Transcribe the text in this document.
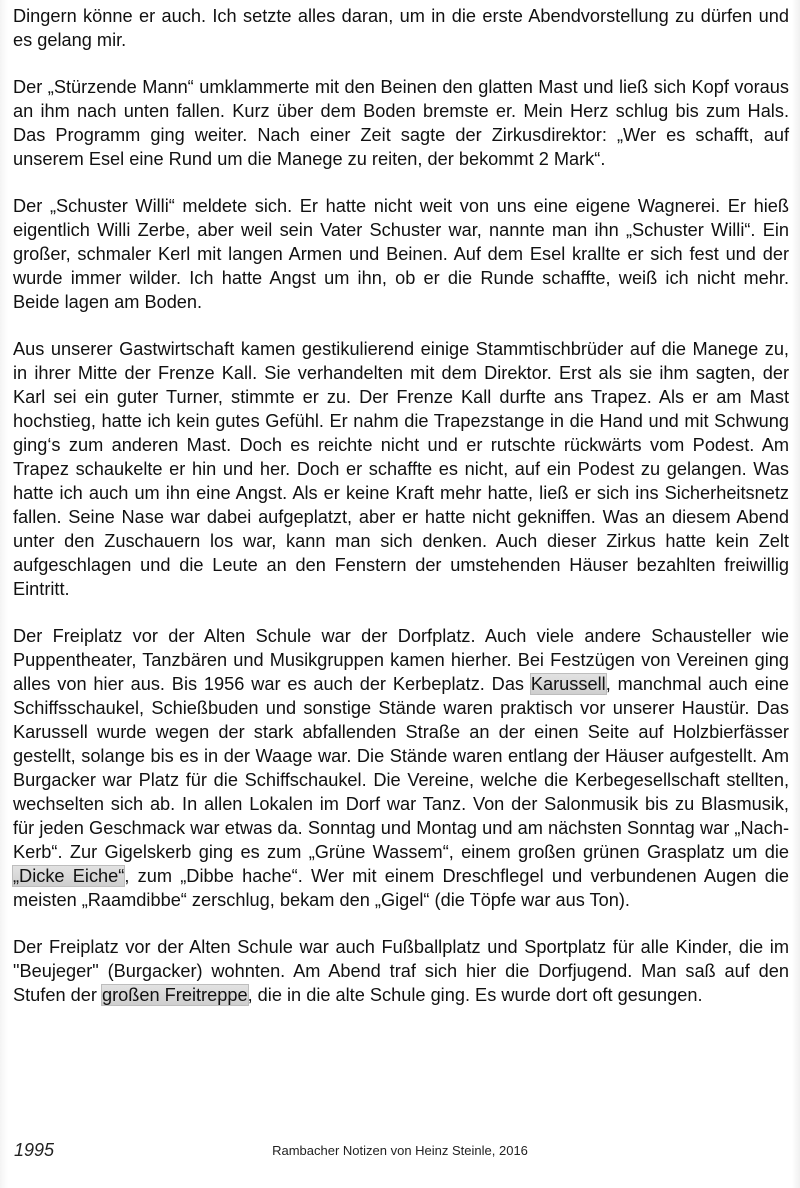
Dingern könne er auch. Ich setzte alles daran, um in die erste Abendvorstellung zu dürfen und es gelang mir.

Der „Stürzende Mann“ umklammerte mit den Beinen den glatten Mast und ließ sich Kopf voraus an ihm nach unten fallen. Kurz über dem Boden bremste er. Mein Herz schlug bis zum Hals. Das Programm ging weiter. Nach einer Zeit sagte der Zirkusdirektor: „Wer es schafft, auf unserem Esel eine Rund um die Manege zu reiten, der bekommt 2 Mark“.

Der „Schuster Willi“ meldete sich. Er hatte nicht weit von uns eine eigene Wagnerei. Er hieß eigentlich Willi Zerbe, aber weil sein Vater Schuster war, nannte man ihn „Schuster Willi“. Ein großer, schmaler Kerl mit langen Armen und Beinen. Auf dem Esel krallte er sich fest und der wurde immer wilder. Ich hatte Angst um ihn, ob er die Runde schaffte, weiß ich nicht mehr. Beide lagen am Boden.

Aus unserer Gastwirtschaft kamen gestikulierend einige Stammtischbrüder auf die Manege zu, in ihrer Mitte der Frenze Kall. Sie verhandelten mit dem Direktor. Erst als sie ihm sagten, der Karl sei ein guter Turner, stimmte er zu. Der Frenze Kall durfte ans Trapez. Als er am Mast hochstieg, hatte ich kein gutes Gefühl. Er nahm die Trapezstange in die Hand und mit Schwung ging‘s zum anderen Mast. Doch es reichte nicht und er rutschte rückwärts vom Podest. Am Trapez schaukelte er hin und her. Doch er schaffte es nicht, auf ein Podest zu gelangen. Was hatte ich auch um ihn eine Angst. Als er keine Kraft mehr hatte, ließ er sich ins Sicherheitsnetz fallen. Seine Nase war dabei aufgeplatzt, aber er hatte nicht gekniffen. Was an diesem Abend unter den Zuschauern los war, kann man sich denken. Auch dieser Zirkus hatte kein Zelt aufgeschlagen und die Leute an den Fenstern der umstehenden Häuser bezahlten freiwillig Eintritt.

Der Freiplatz vor der Alten Schule war der Dorfplatz. Auch viele andere Schausteller wie Puppentheater, Tanzbären und Musikgruppen kamen hierher. Bei Festzügen von Vereinen ging alles von hier aus. Bis 1956 war es auch der Kerbeplatz. Das Karussell, manchmal auch eine Schiffsschaukel, Schießbuden und sonstige Stände waren praktisch vor unserer Haustür. Das Karussell wurde wegen der stark abfallenden Straße an der einen Seite auf Holzbierfässer gestellt, solange bis es in der Waage war. Die Stände waren entlang der Häuser aufgestellt. Am Burgacker war Platz für die Schiffschaukel. Die Vereine, welche die Kerbegesellschaft stellten, wechselten sich ab. In allen Lokalen im Dorf war Tanz. Von der Salonmusik bis zu Blasmusik, für jeden Geschmack war etwas da. Sonntag und Montag und am nächsten Sonntag war „Nach-Kerb“. Zur Gigelskerb ging es zum „Grüne Wassem“, einem großen grünen Grasplatz um die „Dicke Eiche“, zum „Dibbe hache“. Wer mit einem Dreschflegel und verbundenen Augen die meisten „Raamdibbe“ zerschlug, bekam den „Gigel“ (die Töpfe war aus Ton).

Der Freiplatz vor der Alten Schule war auch Fußballplatz und Sportplatz für alle Kinder, die im "Beujeger" (Burgacker) wohnten. Am Abend traf sich hier die Dorfjugend. Man saß auf den Stufen der großen Freitreppe, die in die alte Schule ging. Es wurde dort oft gesungen.

1995	Rambacher Notizen von Heinz Steinle, 2016
